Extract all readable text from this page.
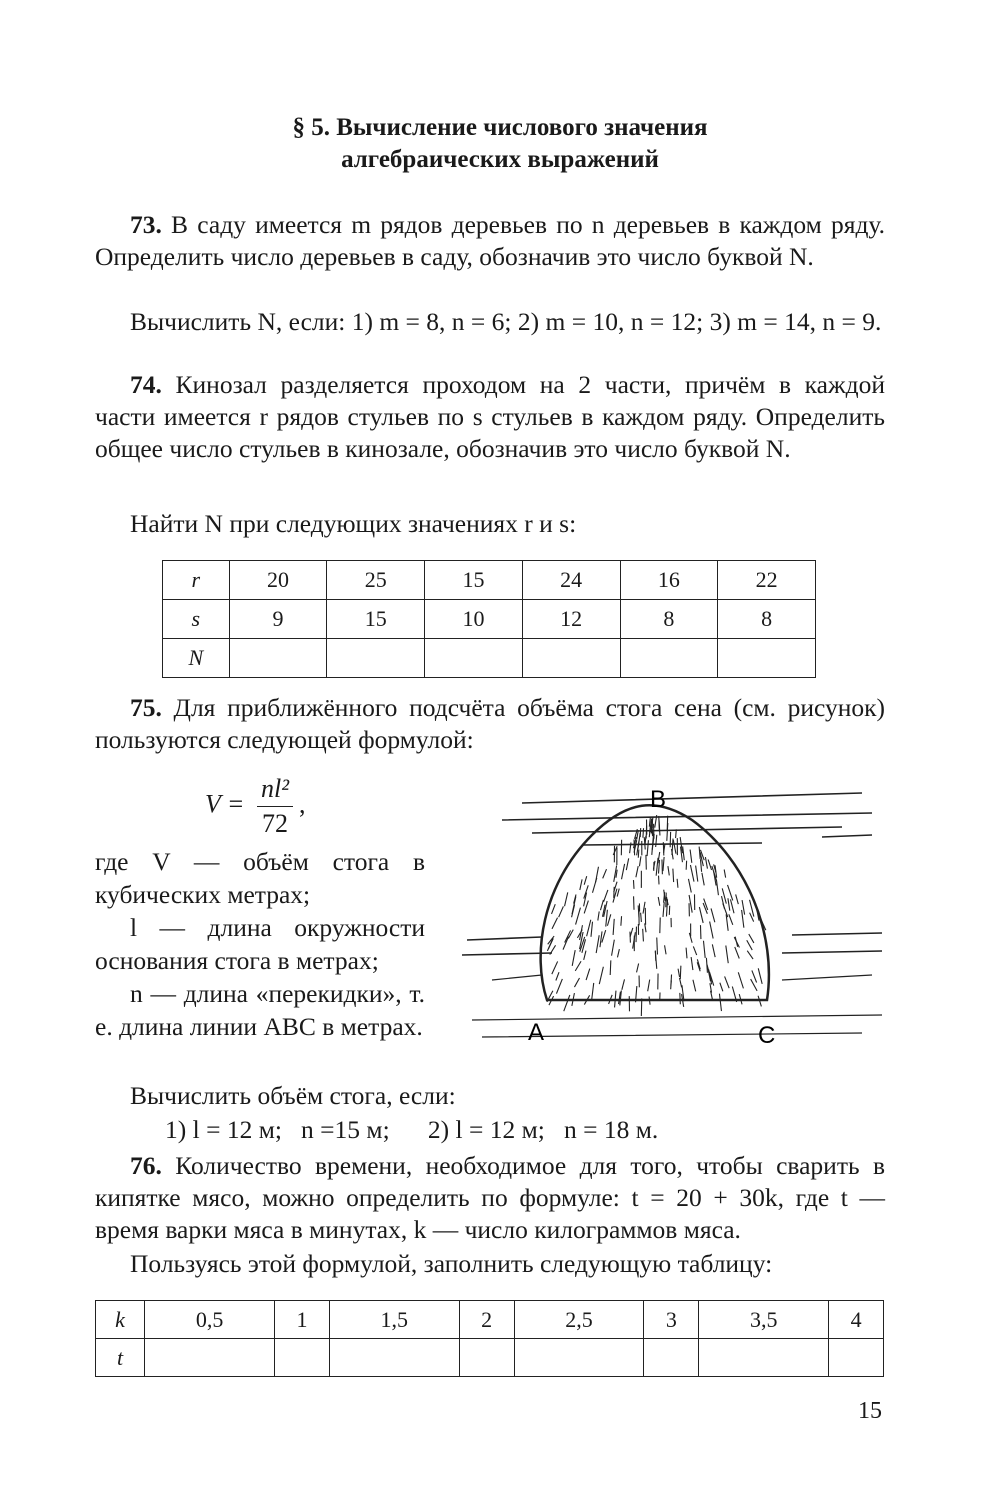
§ 5. Вычисление числового значения
алгебраических выражений
73. В саду имеется m рядов деревьев по n деревьев в каждом ряду. Определить число деревьев в саду, обозначив это число буквой N.
Вычислить N, если: 1) m = 8, n = 6; 2) m = 10, n = 12; 3) m = 14, n = 9.
74. Кинозал разделяется проходом на 2 части, причём в каждой части имеется r рядов стульев по s стульев в каждом ряду. Определить общее число стульев в кинозале, обозначив это число буквой N.
Найти N при следующих значениях r и s:
r	20	25	15	24	16	22
s	9	15	10	12	8	8
N						
75. Для приближённого подсчёта объёма стога сена (см. рисунок) пользуются следующей формулой:
$V = \frac{\text{nl²}}{72}$ ,
где V — объём стога в кубических метрах;
l — длина окружности основания стога в метрах;
n — длина «перекидки», т. е. длина линии ABC в метрах.
B
A	C
Вычислить объём стога, если:
1) l = 12 м;   n =15 м;      2) l = 12 м;   n = 18 м.
76. Количество времени, необходимое для того, чтобы сварить в кипятке мясо, можно определить по формуле: t = 20 + 30k, где t — время варки мяса в минутах, k — число килограммов мяса.
Пользуясь этой формулой, заполнить следующую таблицу:
k	0,5	1	1,5	2	2,5	3	3,5	4
t								
15
